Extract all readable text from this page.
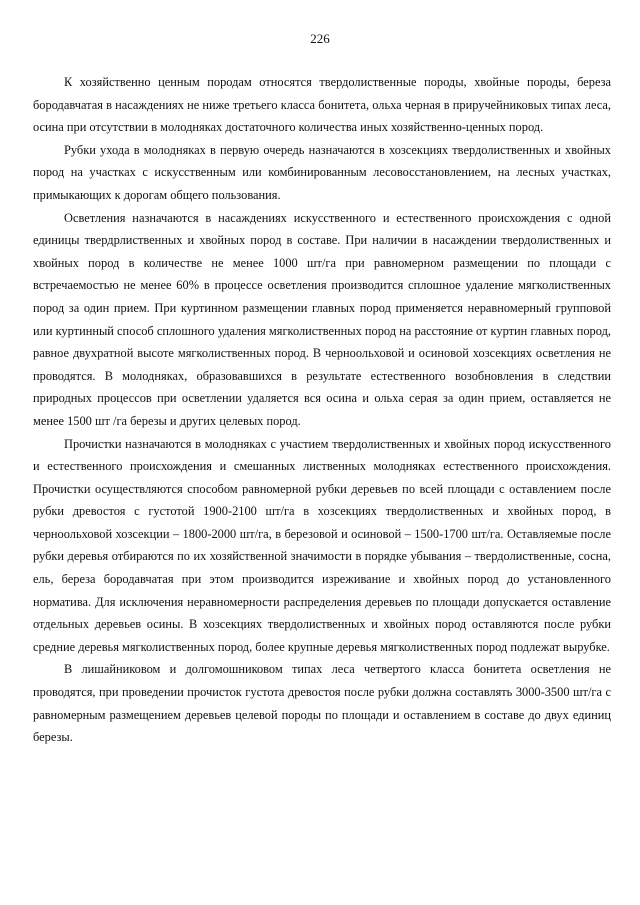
226

К хозяйственно ценным породам относятся твердолиственные породы, хвойные породы, береза бородавчатая в насаждениях не ниже третьего класса бонитета, ольха черная в приручейниковых типах леса, осина при отсутствии в молодняках достаточного количества иных хозяйственно-ценных пород.

Рубки ухода в молодняках в первую очередь назначаются в хозсекциях твердолиственных и хвойных пород на участках с искусственным или комбинированным лесовосстановлением, на лесных участках, примыкающих к дорогам общего пользования.

Осветления назначаются в насаждениях искусственного и естественного происхождения с одной единицы твердрлиственных и хвойных пород в составе. При наличии в насаждении твердолиственных и хвойных пород в количестве не менее 1000 шт/га при равномерном размещении по площади с встречаемостью не менее 60% в процессе осветления производится сплошное удаление мягколиственных пород за один прием. При куртинном размещении главных пород применяется неравномерный групповой или куртинный способ сплошного удаления мягколиственных пород на расстояние от куртин главных пород, равное двухратной высоте мягколиственных пород. В черноольховой и осиновой хозсекциях осветления не проводятся. В молодняках, образовавшихся в результате естественного возобновления в следствии природных процессов при осветлении удаляется вся осина и ольха серая за один прием, оставляется не менее 1500 шт /га березы и других целевых пород.

Прочистки назначаются в молодняках с участием твердолиственных и хвойных пород искусственного и естественного происхождения и смешанных лиственных молодняках естественного происхождения. Прочистки осуществляются способом равномерной рубки деревьев по всей площади с оставлением после рубки древостоя с густотой 1900-2100 шт/га в хозсекциях твердолиственных и хвойных пород, в черноольховой хозсекции – 1800-2000 шт/га, в березовой и осиновой – 1500-1700 шт/га. Оставляемые после рубки деревья отбираются по их хозяйственной значимости в порядке убывания – твердолиственные, сосна, ель, береза бородавчатая при этом производится изреживание и хвойных пород до установленного норматива. Для исключения неравномерности распределения деревьев по площади допускается оставление отдельных деревьев осины. В хозсекциях твердолиственных и хвойных пород оставляются после рубки средние деревья мягколиственных пород, более крупные деревья мягколиственных пород подлежат вырубке.

В лишайниковом и долгомошниковом типах леса четвертого класса бонитета осветления не проводятся, при проведении прочисток густота древостоя после рубки должна составлять 3000-3500 шт/га с равномерным размещением деревьев целевой породы по площади и оставлением в составе до двух единиц березы.
